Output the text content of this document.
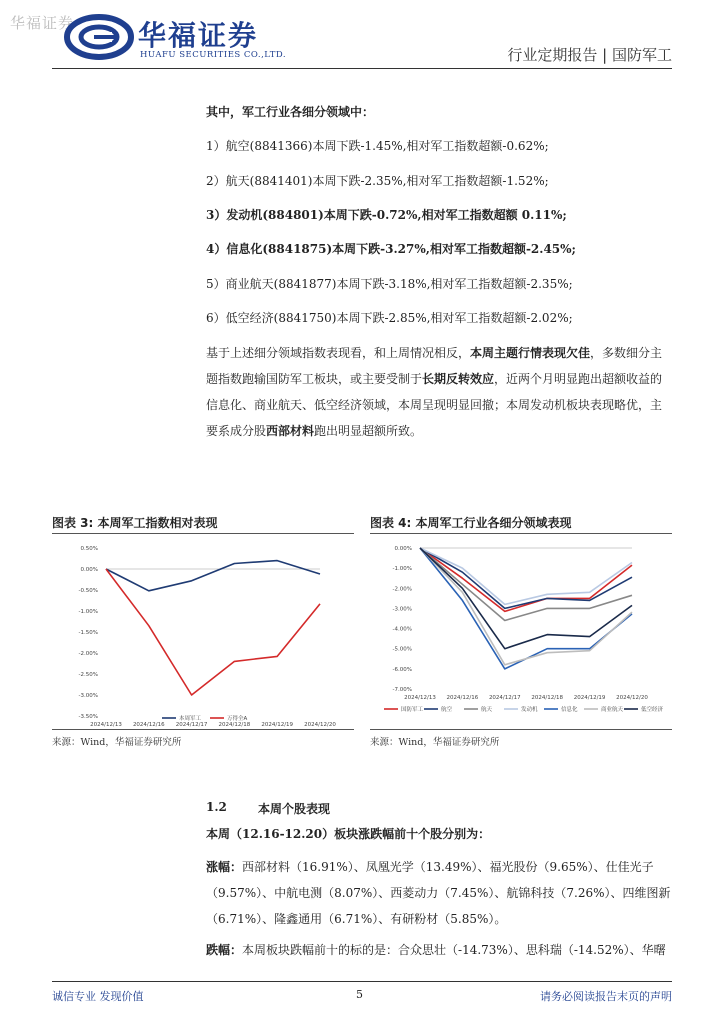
华福证券 华福证券
HUAFU SECURITIES CO.,LTD.	行业定期报告 | 国防军工
其中，军工行业各细分领域中：
1）航空(8841366)本周下跌-1.45%,相对军工指数超额-0.62%;
2）航天(8841401)本周下跌-2.35%,相对军工指数超额-1.52%;
3）发动机(884801)本周下跌-0.72%,相对军工指数超额 0.11%;
4）信息化(8841875)本周下跌-3.27%,相对军工指数超额-2.45%;
5）商业航天(8841877)本周下跌-3.18%,相对军工指数超额-2.35%;
6）低空经济(8841750)本周下跌-2.85%,相对军工指数超额-2.02%;
基于上述细分领域指数表现看，和上周情况相反，本周主题行情表现欠佳，多数细分主题指数跑输国防军工板块，或主要受制于长期反转效应，近两个月明显跑出超额收益的信息化、商业航天、低空经济领域，本周呈现明显回撤；本周发动机板块表现略优，主要系成分股西部材料跑出明显超额所致。
图表 3: 本周军工指数相对表现
0.50%
0.00%
-0.50%
-1.00%
-1.50%
-2.00%
-2.50%
-3.00%
-3.50%
2024/12/13 2024/12/16 2024/12/17 2024/12/18 2024/12/19 2024/12/20
本周军工	万得全A
来源：Wind，华福证券研究所
图表 4: 本周军工行业各细分领域表现
0.00%
-1.00%
-2.00%
-3.00%
-4.00%
-5.00%
-6.00%
-7.00%
2024/12/13 2024/12/16 2024/12/17 2024/12/18 2024/12/19 2024/12/20
国防军工	航空	航天	发动机	信息化	商业航天	低空经济
来源：Wind，华福证券研究所
1.2	本周个股表现
本周（12.16-12.20）板块涨跌幅前十个股分别为：
涨幅：西部材料（16.91%）、凤凰光学（13.49%）、福光股份（9.65%）、仕佳光子（9.57%）、中航电测（8.07%）、西菱动力（7.45%）、航锦科技（7.26%）、四维图新（6.71%）、隆鑫通用（6.71%）、有研粉材（5.85%）。
跌幅：本周板块跌幅前十的标的是：合众思壮（-14.73%）、思科瑞（-14.52%）、华曙
诚信专业 发现价值	5	请务必阅读报告末页的声明
